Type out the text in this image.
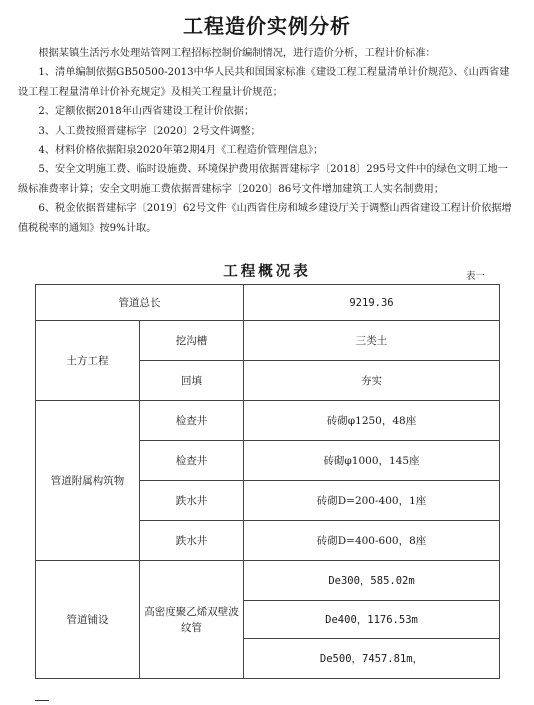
工程造价实例分析

根据某镇生活污水处理站管网工程招标控制价编制情况，进行造价分析，工程计价标准：

1、清单编制依据GB50500-2013中华人民共和国国家标准《建设工程工程量清单计价规范》、《山西省建设工程工程量清单计价补充规定》及相关工程量计价规范；

2、定额依据2018年山西省建设工程计价依据；

3、人工费按照晋建标字〔2020〕2号文件调整；

4、材料价格依据阳泉2020年第2期4月《工程造价管理信息》；

5、安全文明施工费、临时设施费、环境保护费用依据晋建标字〔2018〕295号文件中的绿色文明工地一级标准费率计算；安全文明施工费依据晋建标字〔2020〕86号文件增加建筑工人实名制费用；

6、税金依据晋建标字〔2019〕62号文件《山西省住房和城乡建设厅关于调整山西省建设工程计价依据增值税税率的通知》按9%计取。

工程概况表	表一
管道总长		9219.36
土方工程	挖沟槽	三类土
	回填	夯实
管道附属构筑物	检查井	砖砌φ1250，48座
	检查井	砖砌φ1000，145座
	跌水井	砖砌D=200-400，1座
	跌水井	砖砌D=400-600，8座
管道铺设	高密度聚乙烯双壁波纹管	De300，585.02m
		De400，1176.53m
		De500，7457.81m，
